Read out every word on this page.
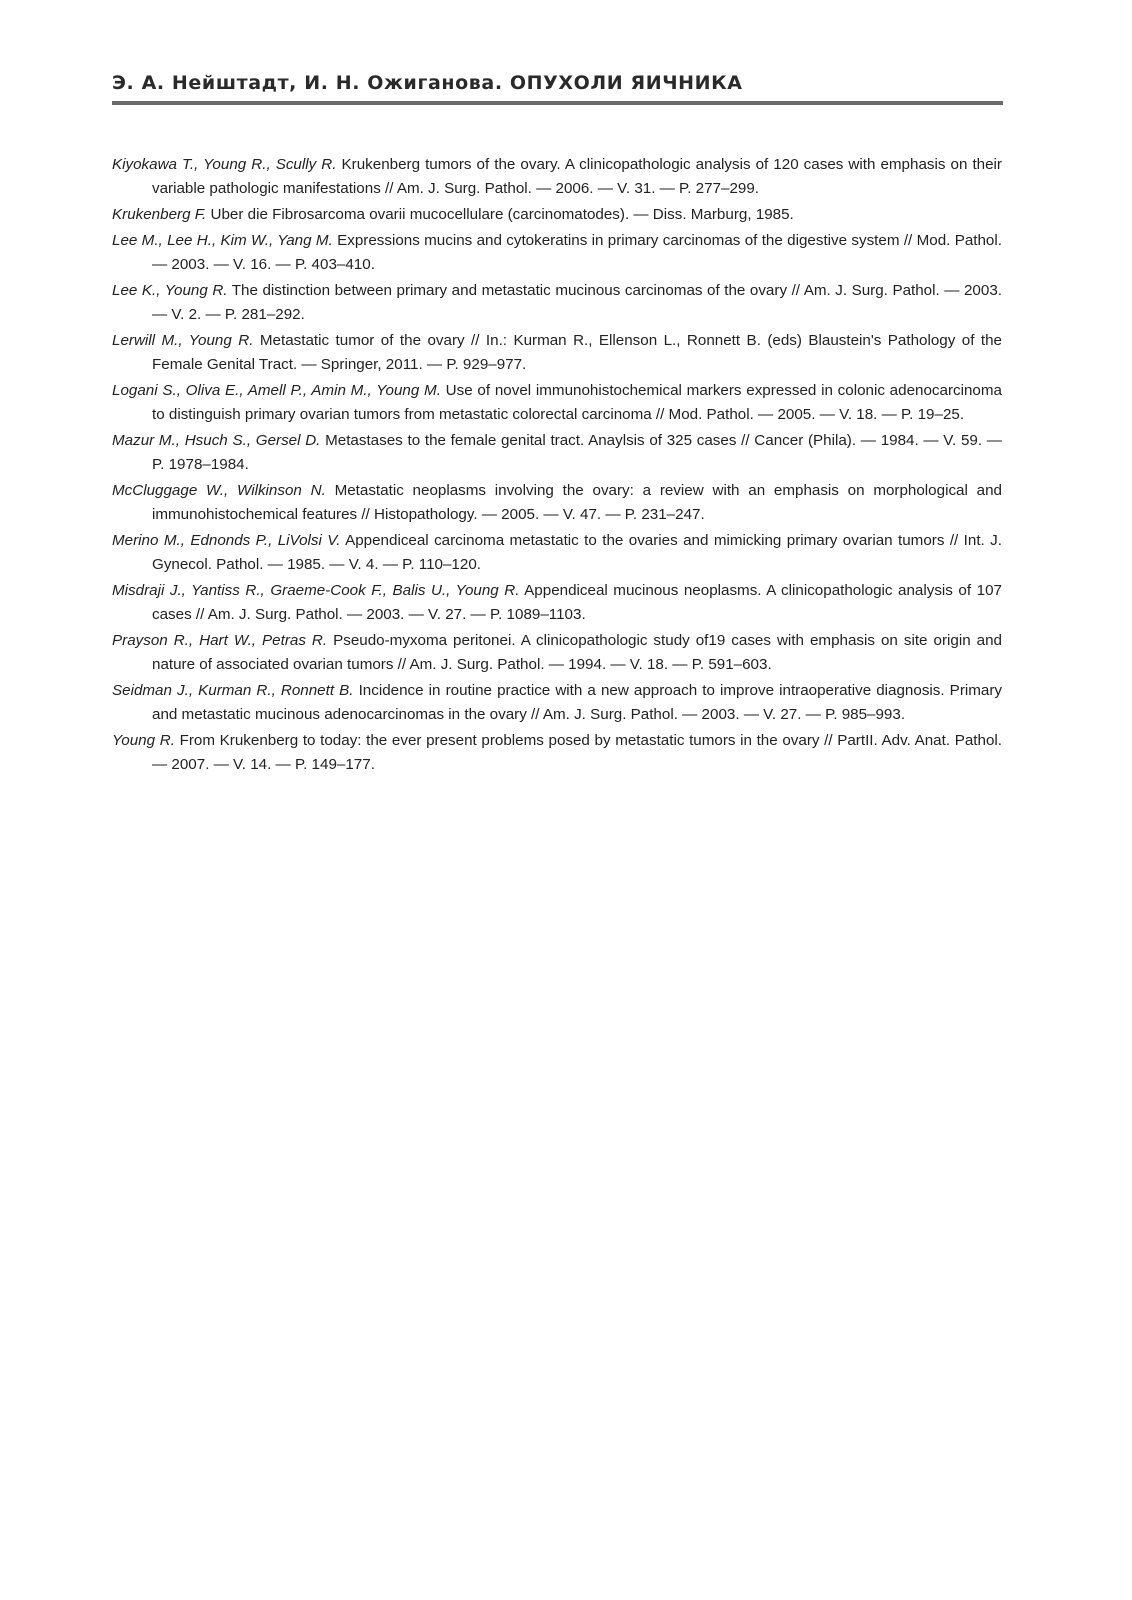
Э. А. Нейштадт, И. Н. Ожиганова. ОПУХОЛИ ЯИЧНИКА
Kiyokawa T., Young R., Scully R. Krukenberg tumors of the ovary. A clinicopathologic analysis of 120 cases with emphasis on their variable pathologic manifestations // Am. J. Surg. Pathol. — 2006. — V. 31. — P. 277–299.
Krukenberg F. Uber die Fibrosarcoma ovarii mucocellulare (carcinomatodes). — Diss. Marburg, 1985.
Lee M., Lee H., Kim W., Yang M. Expressions mucins and cytokeratins in primary carcinomas of the digestive system // Mod. Pathol. — 2003. — V. 16. — P. 403–410.
Lee K., Young R. The distinction between primary and metastatic mucinous carcinomas of the ovary // Am. J. Surg. Pathol. — 2003. — V. 2. — P. 281–292.
Lerwill M., Young R. Metastatic tumor of the ovary // In.: Kurman R., Ellenson L., Ronnett B. (eds) Blaustein's Pathology of the Female Genital Tract. — Springer, 2011. — P. 929–977.
Logani S., Oliva E., Amell P., Amin M., Young M. Use of novel immunohistochemical markers expressed in colonic adenocarcinoma to distinguish primary ovarian tumors from metastatic colorectal carcinoma // Mod. Pathol. — 2005. — V. 18. — P. 19–25.
Mazur M., Hsuch S., Gersel D. Metastases to the female genital tract. Anaylsis of 325 cases // Cancer (Phila). — 1984. — V. 59. — P. 1978–1984.
McCluggage W., Wilkinson N. Metastatic neoplasms involving the ovary: a review with an emphasis on morphological and immunohistochemical features // Histopathology. — 2005. — V. 47. — P. 231–247.
Merino M., Ednonds P., LiVolsi V. Appendiceal carcinoma metastatic to the ovaries and mimicking primary ovarian tumors // Int. J. Gynecol. Pathol. — 1985. — V. 4. — P. 110–120.
Misdraji J., Yantiss R., Graeme-Cook F., Balis U., Young R. Appendiceal mucinous neoplasms. A clinicopathologic analysis of 107 cases // Am. J. Surg. Pathol. — 2003. — V. 27. — P. 1089–1103.
Prayson R., Hart W., Petras R. Pseudo-myxoma peritonei. A clinicopathologic study of19 cases with emphasis on site origin and nature of associated ovarian tumors // Am. J. Surg. Pathol. — 1994. — V. 18. — P. 591–603.
Seidman J., Kurman R., Ronnett B. Incidence in routine practice with a new approach to improve intraoperative diagnosis. Primary and metastatic mucinous adenocarcinomas in the ovary // Am. J. Surg. Pathol. — 2003. — V. 27. — P. 985–993.
Young R. From Krukenberg to today: the ever present problems posed by metastatic tumors in the ovary // PartII. Adv. Anat. Pathol. — 2007. — V. 14. — P. 149–177.
